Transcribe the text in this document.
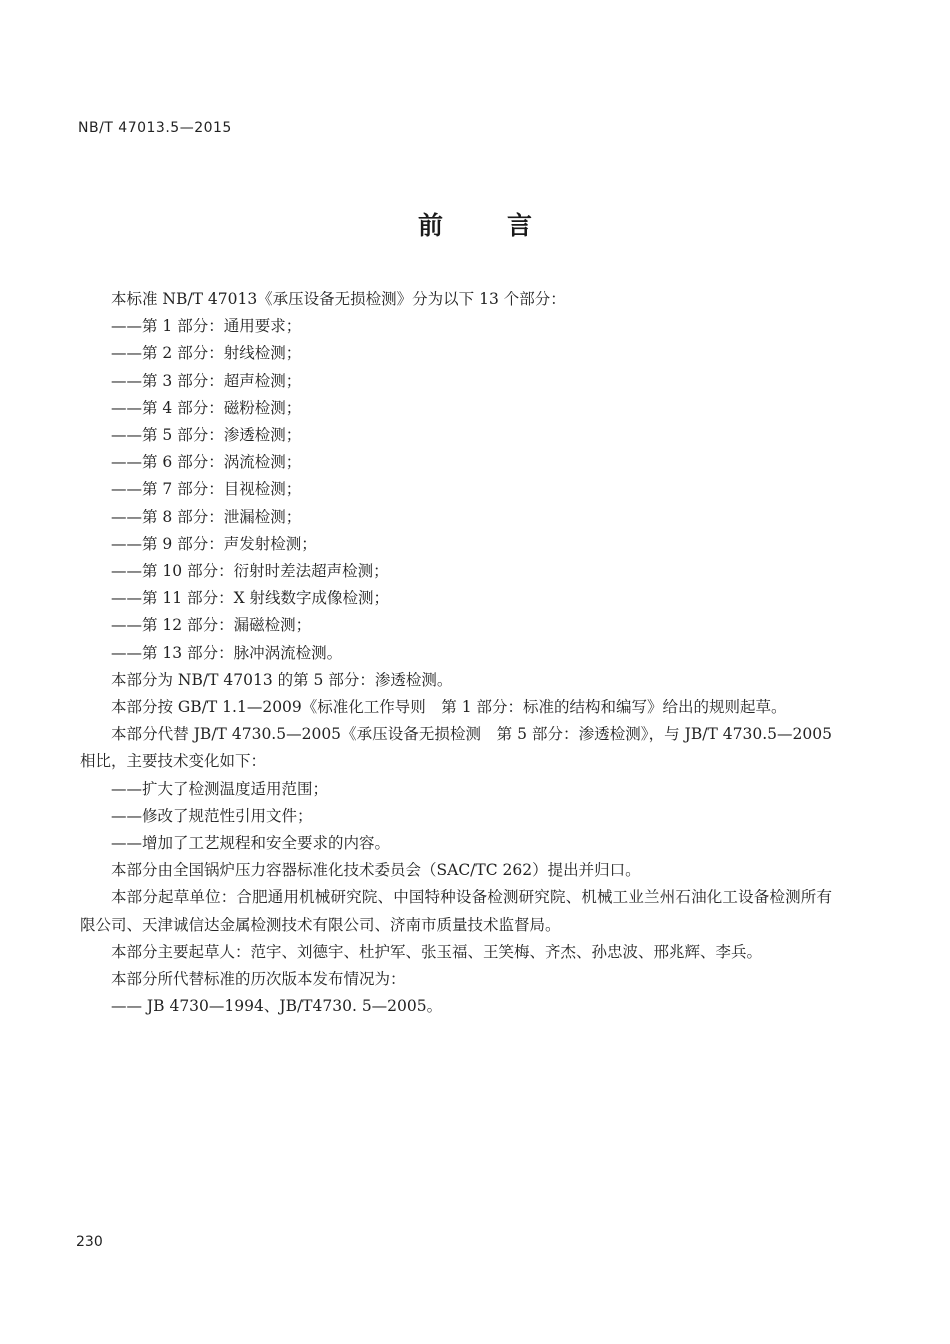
NB/T 47013.5—2015
前言

本标准 NB/T 47013《承压设备无损检测》分为以下 13 个部分：

——第 1 部分：通用要求；

——第 2 部分：射线检测；

——第 3 部分：超声检测；

——第 4 部分：磁粉检测；

——第 5 部分：渗透检测；

——第 6 部分：涡流检测；

——第 7 部分：目视检测；

——第 8 部分：泄漏检测；

——第 9 部分：声发射检测；

——第 10 部分：衍射时差法超声检测；

——第 11 部分：X 射线数字成像检测；

——第 12 部分：漏磁检测；

——第 13 部分：脉冲涡流检测。

本部分为 NB/T 47013 的第 5 部分：渗透检测。

本部分按 GB/T 1.1—2009《标准化工作导则　第 1 部分：标准的结构和编写》给出的规则起草。

本部分代替 JB/T 4730.5—2005《承压设备无损检测　第 5 部分：渗透检测》，与 JB/T 4730.5—2005 相比，主要技术变化如下：

——扩大了检测温度适用范围；

——修改了规范性引用文件；

——增加了工艺规程和安全要求的内容。

本部分由全国锅炉压力容器标准化技术委员会（SAC/TC 262）提出并归口。

本部分起草单位：合肥通用机械研究院、中国特种设备检测研究院、机械工业兰州石油化工设备检测所有限公司、天津诚信达金属检测技术有限公司、济南市质量技术监督局。

本部分主要起草人：范宇、刘德宇、杜护军、张玉福、王笑梅、齐杰、孙忠波、邢兆辉、李兵。

本部分所代替标准的历次版本发布情况为：

—— JB 4730—1994、JB/T4730. 5—2005。

230
